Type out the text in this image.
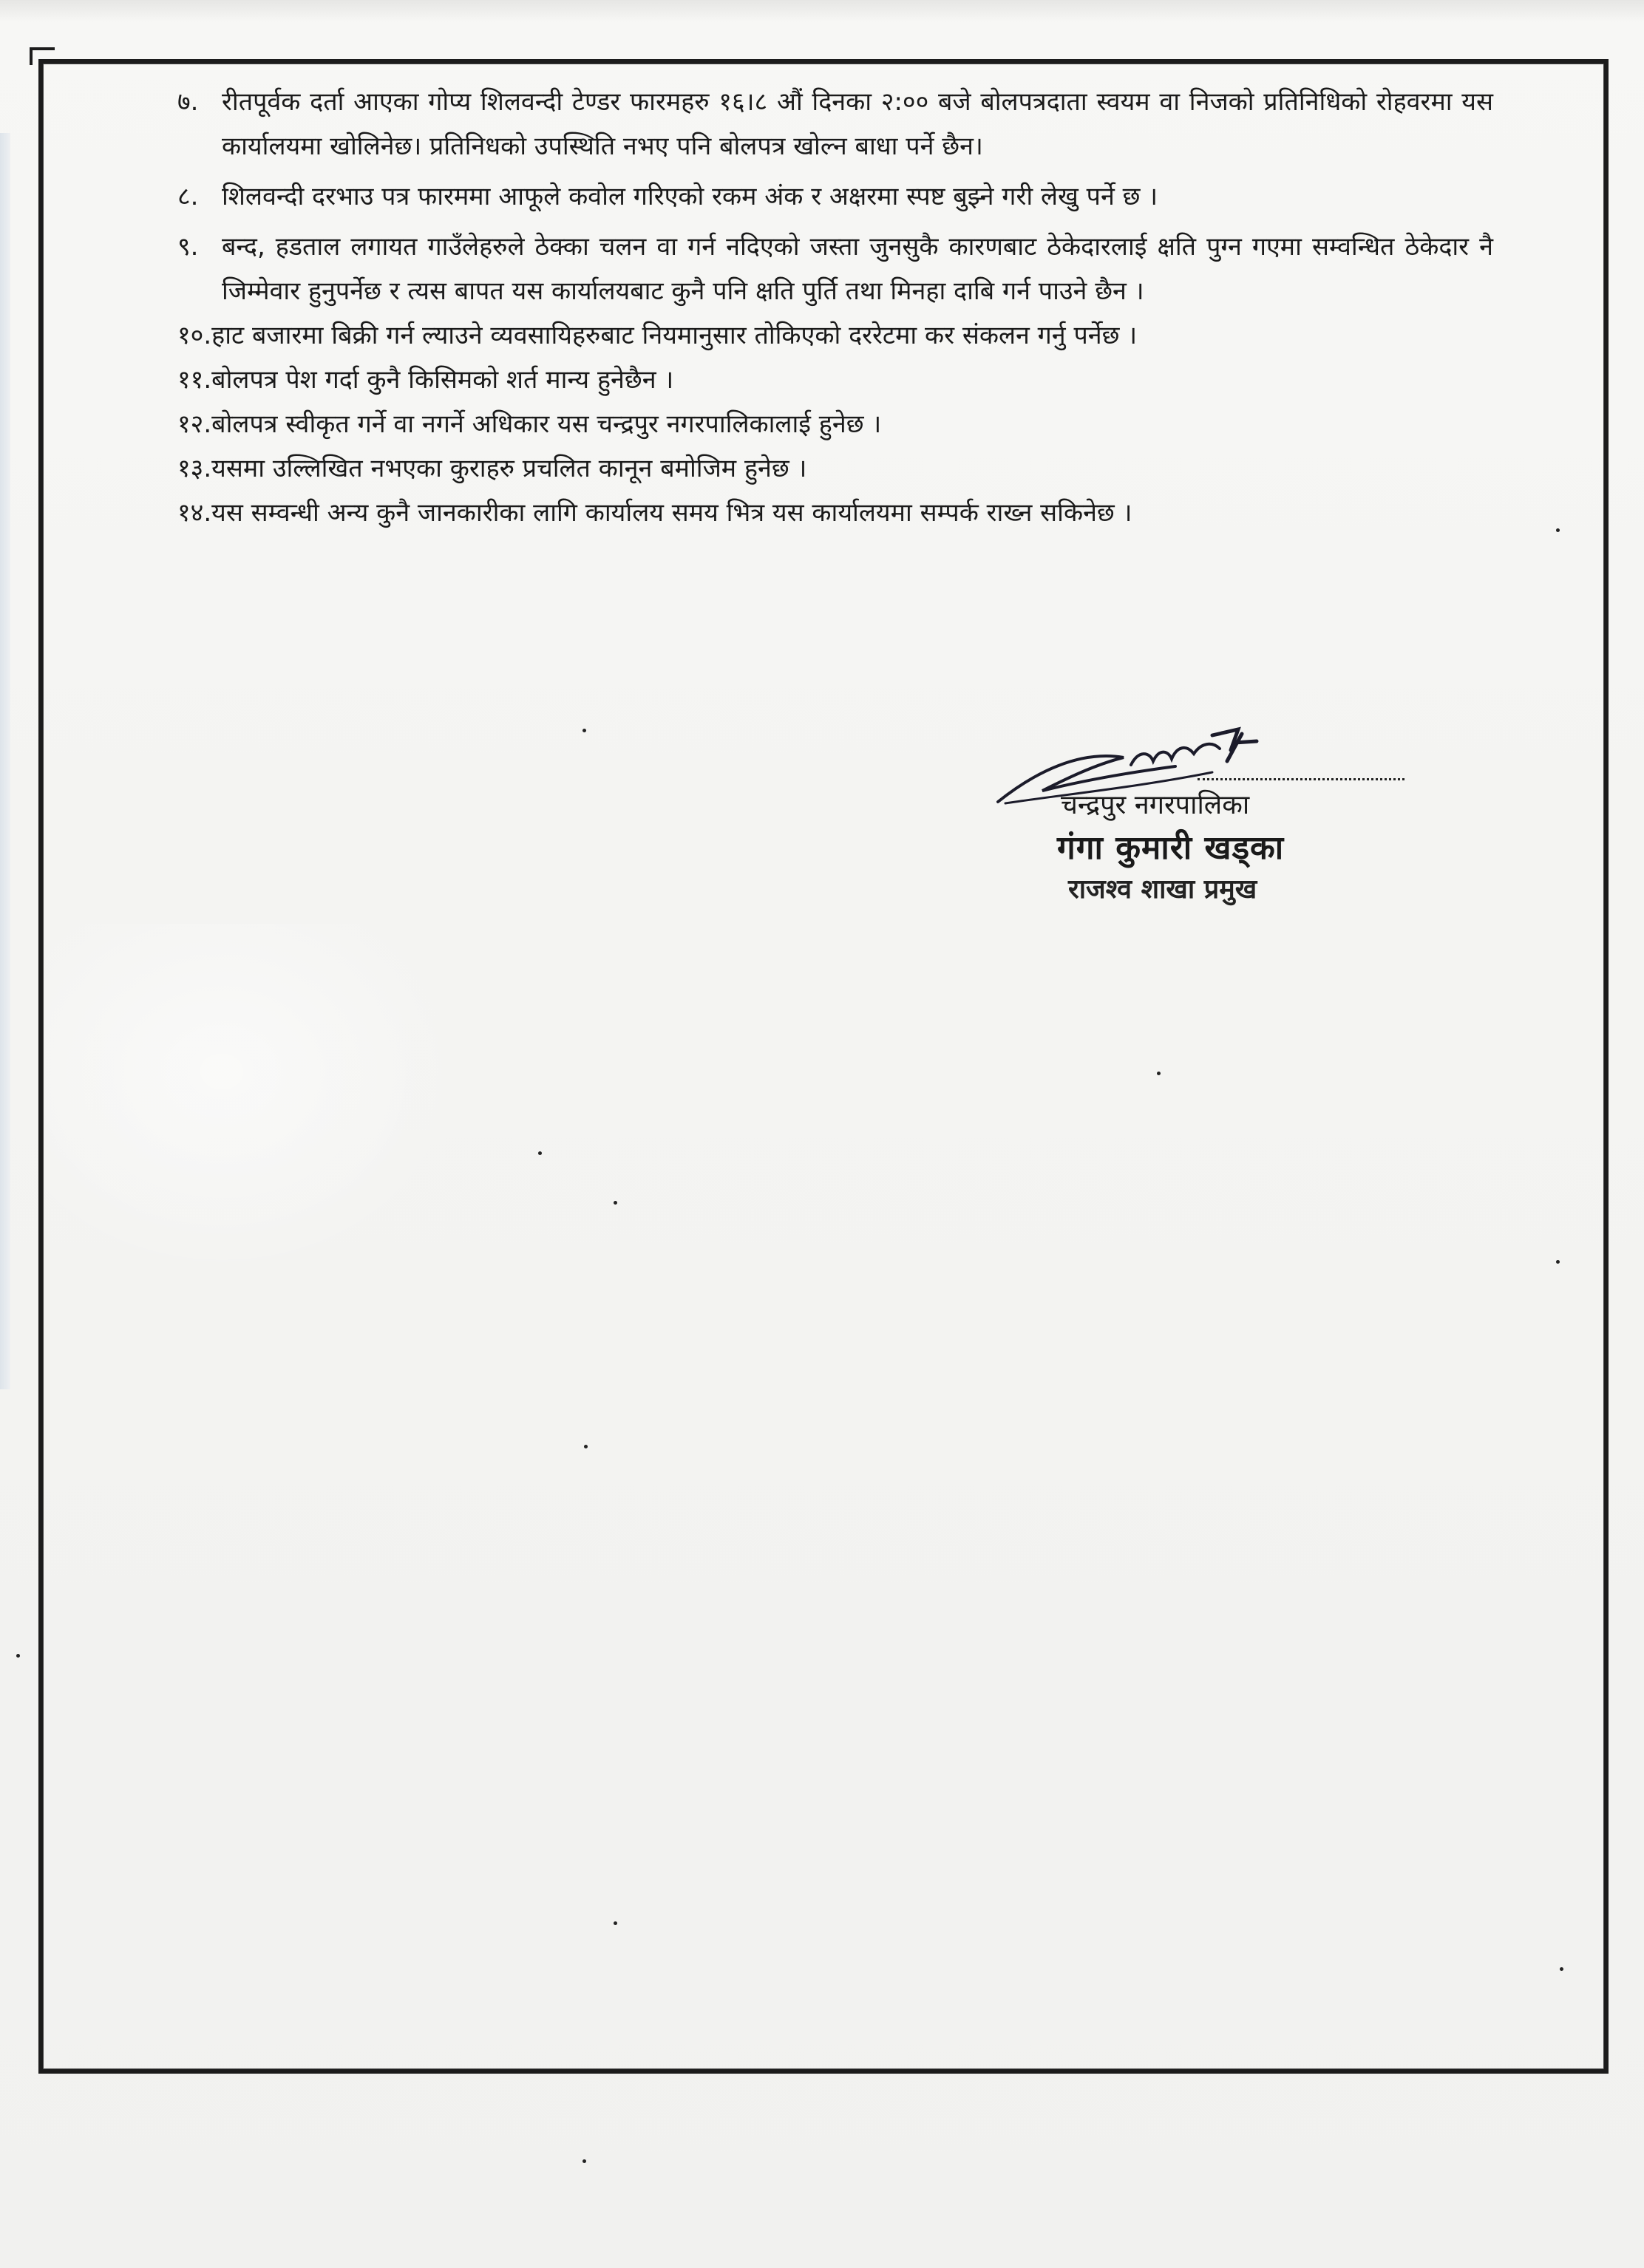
७. रीतपूर्वक दर्ता आएका गोप्य शिलवन्दी टेण्डर फारमहरु १६।८ औं दिनका २:०० बजे बोलपत्रदाता स्वयम वा निजको प्रतिनिधिको रोहवरमा यस कार्यालयमा खोलिनेछ। प्रतिनिधको उपस्थिति नभए पनि बोलपत्र खोल्न बाधा पर्ने छैन।
८. शिलवन्दी दरभाउ पत्र फारममा आफूले कवोल गरिएको रकम अंक र अक्षरमा स्पष्ट बुझ्ने गरी लेखु पर्ने छ ।
९. बन्द, हडताल लगायत गाउँलेहरुले ठेक्का चलन वा गर्न नदिएको जस्ता जुनसुकै कारणबाट ठेकेदारलाई क्षति पुग्न गएमा सम्वन्धित ठेकेदार नै जिम्मेवार हुनुपर्नेछ र त्यस बापत यस कार्यालयबाट कुनै पनि क्षति पुर्ति तथा मिनहा दाबि गर्न पाउने छैन ।
१०. हाट बजारमा बिक्री गर्न ल्याउने व्यवसायिहरुबाट नियमानुसार तोकिएको दररेटमा कर संकलन गर्नु पर्नेछ ।
११. बोलपत्र पेश गर्दा कुनै किसिमको शर्त मान्य हुनेछैन ।
१२. बोलपत्र स्वीकृत गर्ने वा नगर्ने अधिकार यस चन्द्रपुर नगरपालिकालाई हुनेछ ।
१३. यसमा उल्लिखित नभएका कुराहरु प्रचलित कानून बमोजिम हुनेछ ।
१४. यस सम्वन्धी अन्य कुनै जानकारीका लागि कार्यालय समय भित्र यस कार्यालयमा सम्पर्क राख्न सकिनेछ ।
चन्द्रपुर नगरपालिका
गंगा कुमारी खड्का
राजश्व शाखा प्रमुख
